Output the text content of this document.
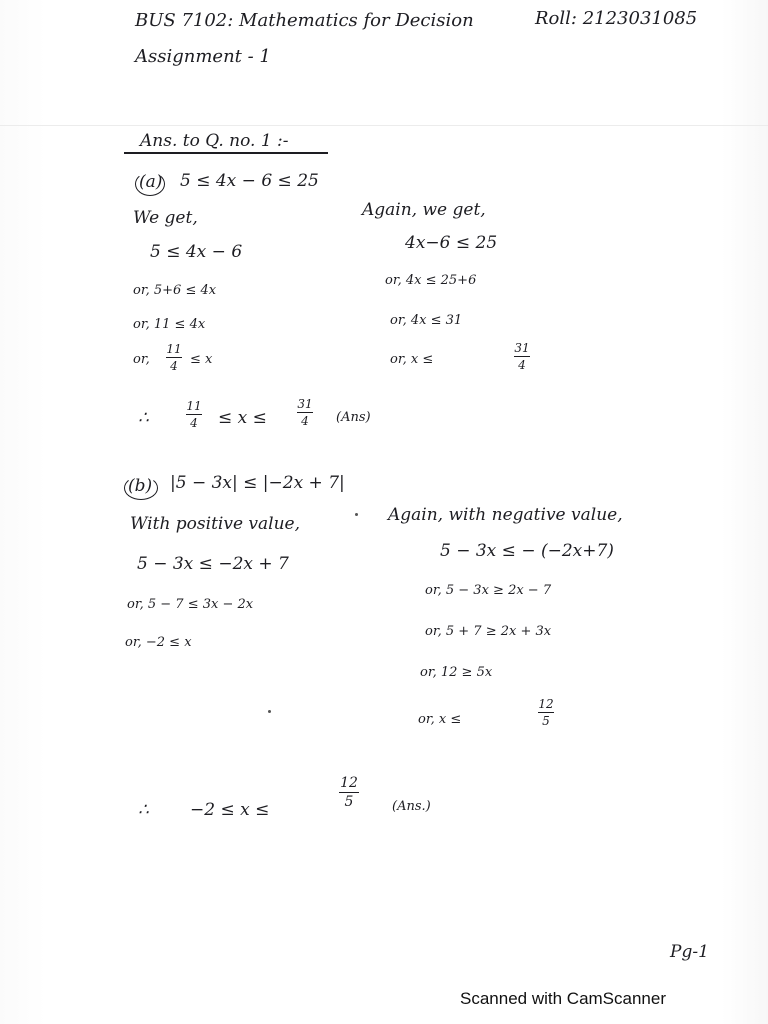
BUS 7102: Mathematics for Decision	Roll: 2123031085
Assignment - 1
Ans. to Q. no. 1 :-
(a) 5 ≤ 4x − 6 ≤ 25
We get,
5 ≤ 4x − 6
or, 5+6 ≤ 4x
or, 11 ≤ 4x
or,
11
4 ≤ x
Again, we get,
4x−6 ≤ 25
or, 4x ≤ 25+6
or, 4x ≤ 31
or, x ≤
31
4
∴
11
4 ≤ x ≤
31
4 (Ans)
(b) |5 − 3x| ≤ |−2x + 7|
With positive value,
5 − 3x ≤ −2x + 7
or, 5 − 7 ≤ 3x − 2x
or, −2 ≤ x
Again, with negative value,
5 − 3x ≤ − (−2x+7)
or, 5 − 3x ≥ 2x − 7
or, 5 + 7 ≥ 2x + 3x
or, 12 ≥ 5x
or, x ≤
12
5
∴ −2 ≤ x ≤
12
5	(Ans.)
Pg-1
Scanned with CamScanner
